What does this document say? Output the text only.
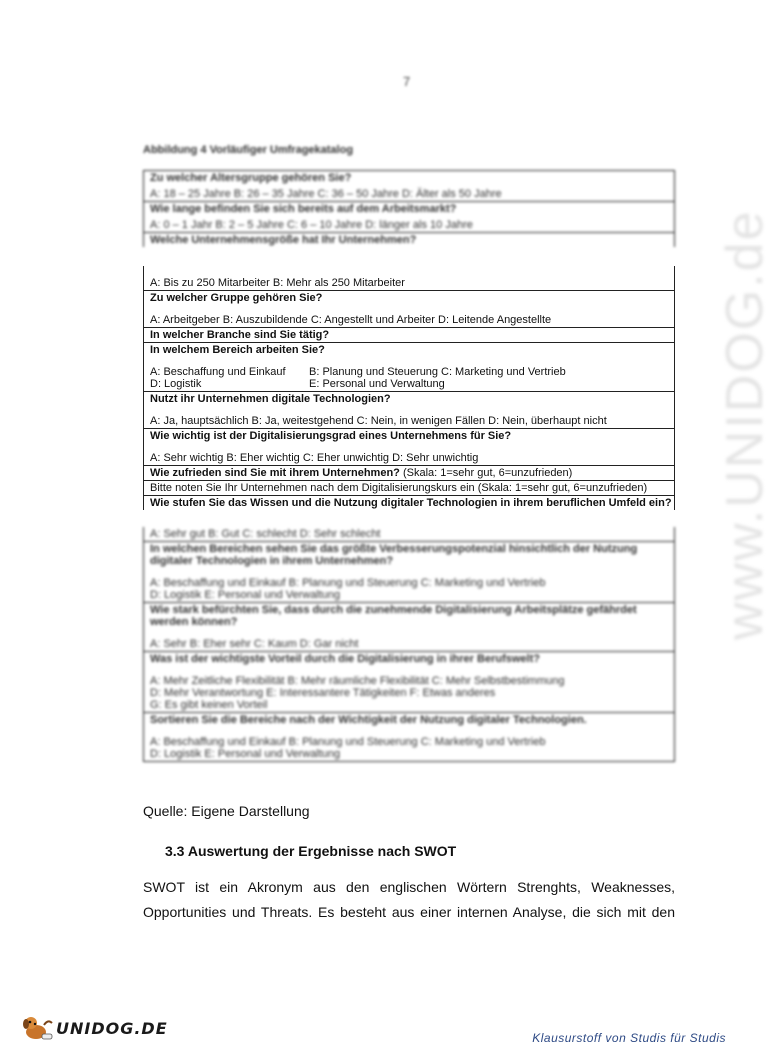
7
Abbildung 4 Vorläufiger Umfragekatalog
Zu welcher Altersgruppe gehören Sie?
A: 18 – 25 Jahre B: 26 – 35 Jahre C: 36 – 50 Jahre D: Älter als 50 Jahre
Wie lange befinden Sie sich bereits auf dem Arbeitsmarkt?
A: 0 – 1 Jahr B: 2 – 5 Jahre C: 6 – 10 Jahre D: länger als 10 Jahre
Welche Unternehmensgröße hat Ihr Unternehmen?
A: Bis zu 250 Mitarbeiter B: Mehr als 250 Mitarbeiter
Zu welcher Gruppe gehören Sie?
A: Arbeitgeber B: Auszubildende C: Angestellt und Arbeiter D: Leitende Angestellte
In welcher Branche sind Sie tätig?
In welchem Bereich arbeiten Sie?
A: Beschaffung und Einkauf	B: Planung und Steuerung C: Marketing und Vertrieb
D: Logistik	E: Personal und Verwaltung
Nutzt ihr Unternehmen digitale Technologien?
A: Ja, hauptsächlich B: Ja, weitestgehend C: Nein, in wenigen Fällen D: Nein, überhaupt nicht
Wie wichtig ist der Digitalisierungsgrad eines Unternehmens für Sie?
A: Sehr wichtig B: Eher wichtig C: Eher unwichtig D: Sehr unwichtig
Wie zufrieden sind Sie mit ihrem Unternehmen? (Skala: 1=sehr gut, 6=unzufrieden)
Bitte noten Sie Ihr Unternehmen nach dem Digitalisierungskurs ein (Skala: 1=sehr gut, 6=unzufrieden)
Wie stufen Sie das Wissen und die Nutzung digitaler Technologien in ihrem beruflichen Umfeld ein?
A: Sehr gut B: Gut C: schlecht D: Sehr schlecht
In welchen Bereichen sehen Sie das größte Verbesserungspotenzial hinsichtlich der Nutzung digitaler Technologien in ihrem Unternehmen?
A: Beschaffung und Einkauf B: Planung und Steuerung C: Marketing und Vertrieb
D: Logistik E: Personal und Verwaltung
Wie stark befürchten Sie, dass durch die zunehmende Digitalisierung Arbeitsplätze gefährdet werden können?
A: Sehr B: Eher sehr C: Kaum D: Gar nicht
Was ist der wichtigste Vorteil durch die Digitalisierung in ihrer Berufswelt?
A: Mehr Zeitliche Flexibilität B: Mehr räumliche Flexibilität C: Mehr Selbstbestimmung
D: Mehr Verantwortung E: Interessantere Tätigkeiten F: Etwas anderes
G: Es gibt keinen Vorteil
Sortieren Sie die Bereiche nach der Wichtigkeit der Nutzung digitaler Technologien.
A: Beschaffung und Einkauf B: Planung und Steuerung C: Marketing und Vertrieb
D: Logistik E: Personal und Verwaltung
Quelle: Eigene Darstellung
3.3 Auswertung der Ergebnisse nach SWOT
SWOT ist ein Akronym aus den englischen Wörtern Strenghts, Weaknesses,
Opportunities und Threats. Es besteht aus einer internen Analyse, die sich mit den
www.UNIDOG.de
UNIDOG.DE
Klausurstoff von Studis für Studis
